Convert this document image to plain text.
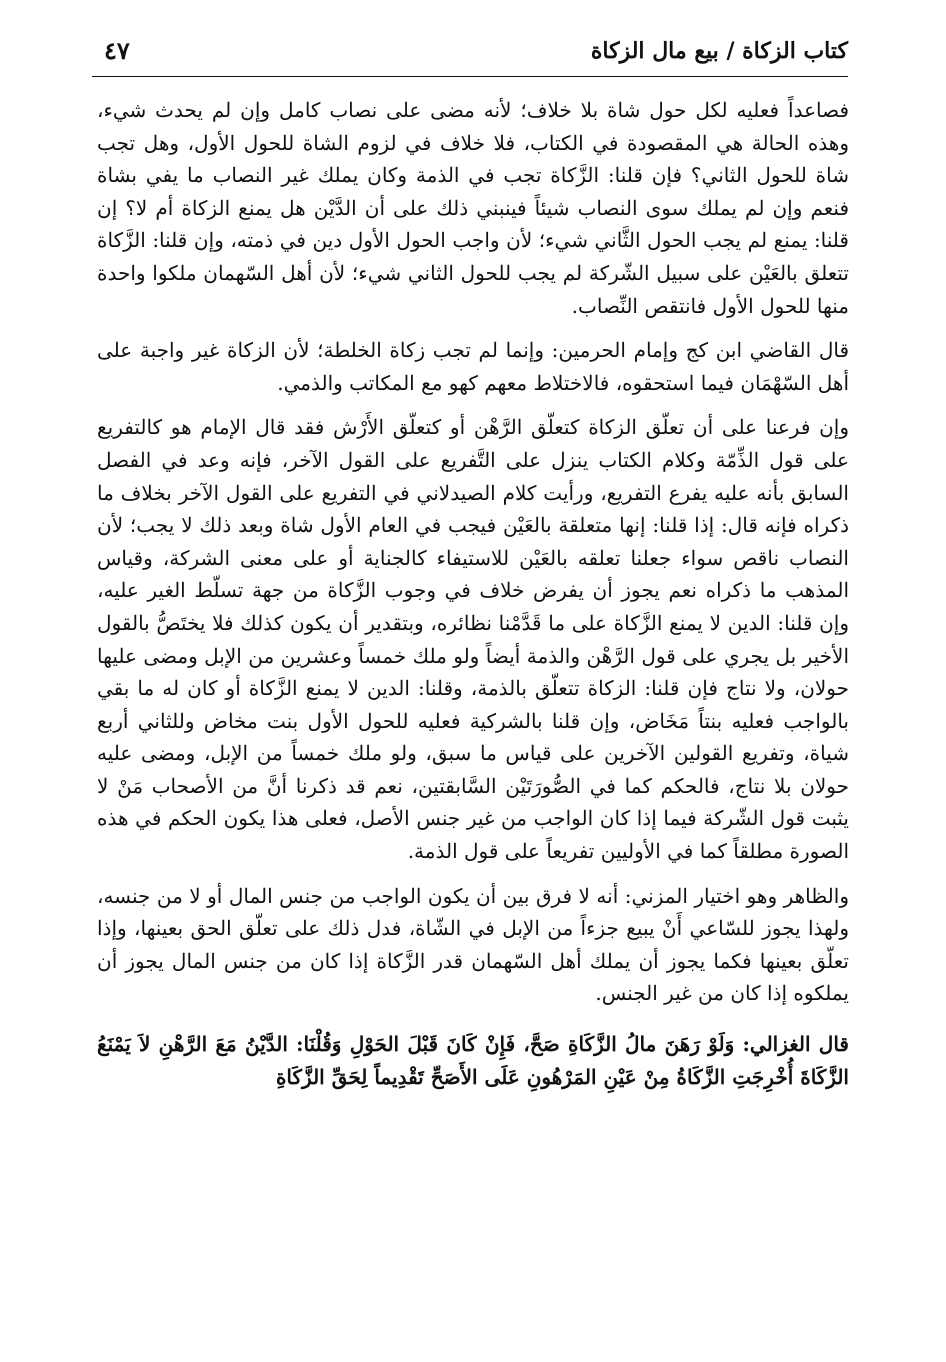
كتاب الزكاة / بيع مال الزكاة
٤٧

فصاعداً فعليه لكل حول شاة بلا خلاف؛ لأنه مضى على نصاب كامل وإن لم يحدث شيء، وهذه الحالة هي المقصودة في الكتاب، فلا خلاف في لزوم الشاة للحول الأول، وهل تجب شاة للحول الثاني؟ فإن قلنا: الزَّكاة تجب في الذمة وكان يملك غير النصاب ما يفي بشاة فنعم وإن لم يملك سوى النصاب شيئاً فينبني ذلك على أن الدَّيْن هل يمنع الزكاة أم لا؟ إن قلنا: يمنع لم يجب الحول الثَّاني شيء؛ لأن واجب الحول الأول دين في ذمته، وإن قلنا: الزَّكاة تتعلق بالعَيْن على سبيل الشّركة لم يجب للحول الثاني شيء؛ لأن أهل السّهمان ملكوا واحدة منها للحول الأول فانتقص النِّصاب.

قال القاضي ابن كج وإمام الحرمين: وإنما لم تجب زكاة الخلطة؛ لأن الزكاة غير واجبة على أهل السّهْمَان فيما استحقوه، فالاختلاط معهم كهو مع المكاتب والذمي.

وإن فرعنا على أن تعلّق الزكاة كتعلّق الرَّهْن أو كتعلّق الأَرْش فقد قال الإمام هو كالتفريع على قول الذِّمّة وكلام الكتاب ينزل على التَّفريع على القول الآخر، فإنه وعد في الفصل السابق بأنه عليه يفرع التفريع، ورأيت كلام الصيدلاني في التفريع على القول الآخر بخلاف ما ذكراه فإنه قال: إذا قلنا: إنها متعلقة بالعَيْن فيجب في العام الأول شاة وبعد ذلك لا يجب؛ لأن النصاب ناقص سواء جعلنا تعلقه بالعَيْن للاستيفاء كالجناية أو على معنى الشركة، وقياس المذهب ما ذكراه نعم يجوز أن يفرض خلاف في وجوب الزَّكاة من جهة تسلّط الغير عليه، وإن قلنا: الدين لا يمنع الزَّكاة على ما قَدَّمْنا نظائره، وبتقدير أن يكون كذلك فلا يختَصُّ بالقول الأخير بل يجري على قول الرَّهْن والذمة أيضاً ولو ملك خمساً وعشرين من الإبل ومضى عليها حولان، ولا نتاج فإن قلنا: الزكاة تتعلّق بالذمة، وقلنا: الدين لا يمنع الزَّكاة أو كان له ما بقي بالواجب فعليه بنتاً مَخَاض، وإن قلنا بالشركية فعليه للحول الأول بنت مخاض وللثاني أربع شياة، وتفريع القولين الآخرين على قياس ما سبق، ولو ملك خمساً من الإبل، ومضى عليه حولان بلا نتاج، فالحكم كما في الصُّورَتَيْن السَّابقتين، نعم قد ذكرنا أنَّ من الأصحاب مَنْ لا يثبت قول الشّركة فيما إذا كان الواجب من غير جنس الأصل، فعلى هذا يكون الحكم في هذه الصورة مطلقاً كما في الأوليين تفريعاً على قول الذمة.

والظاهر وهو اختيار المزني: أنه لا فرق بين أن يكون الواجب من جنس المال أو لا من جنسه، ولهذا يجوز للسّاعي أَنْ يبيع جزءاً من الإبل في الشّاة، فدل ذلك على تعلّق الحق بعينها، وإذا تعلّق بعينها فكما يجوز أن يملك أهل السّهمان قدر الزَّكاة إذا كان من جنس المال يجوز أن يملكوه إذا كان من غير الجنس.

قال الغزالي: وَلَوْ رَهَنَ مالُ الزَّكَاةِ صَحَّ، فَإِنْ كَانَ قَبْلَ الحَوْلِ وَقُلْنَا: الدَّيْنُ مَعَ الرَّهْنِ لاَ يَمْنَعُ الزَّكَاةَ أُخْرِجَتِ الزَّكَاةُ مِنْ عَيْنِ المَرْهُونِ عَلَى الأَصَحِّ تَقْدِيماً لِحَقِّ الزَّكَاةِ
